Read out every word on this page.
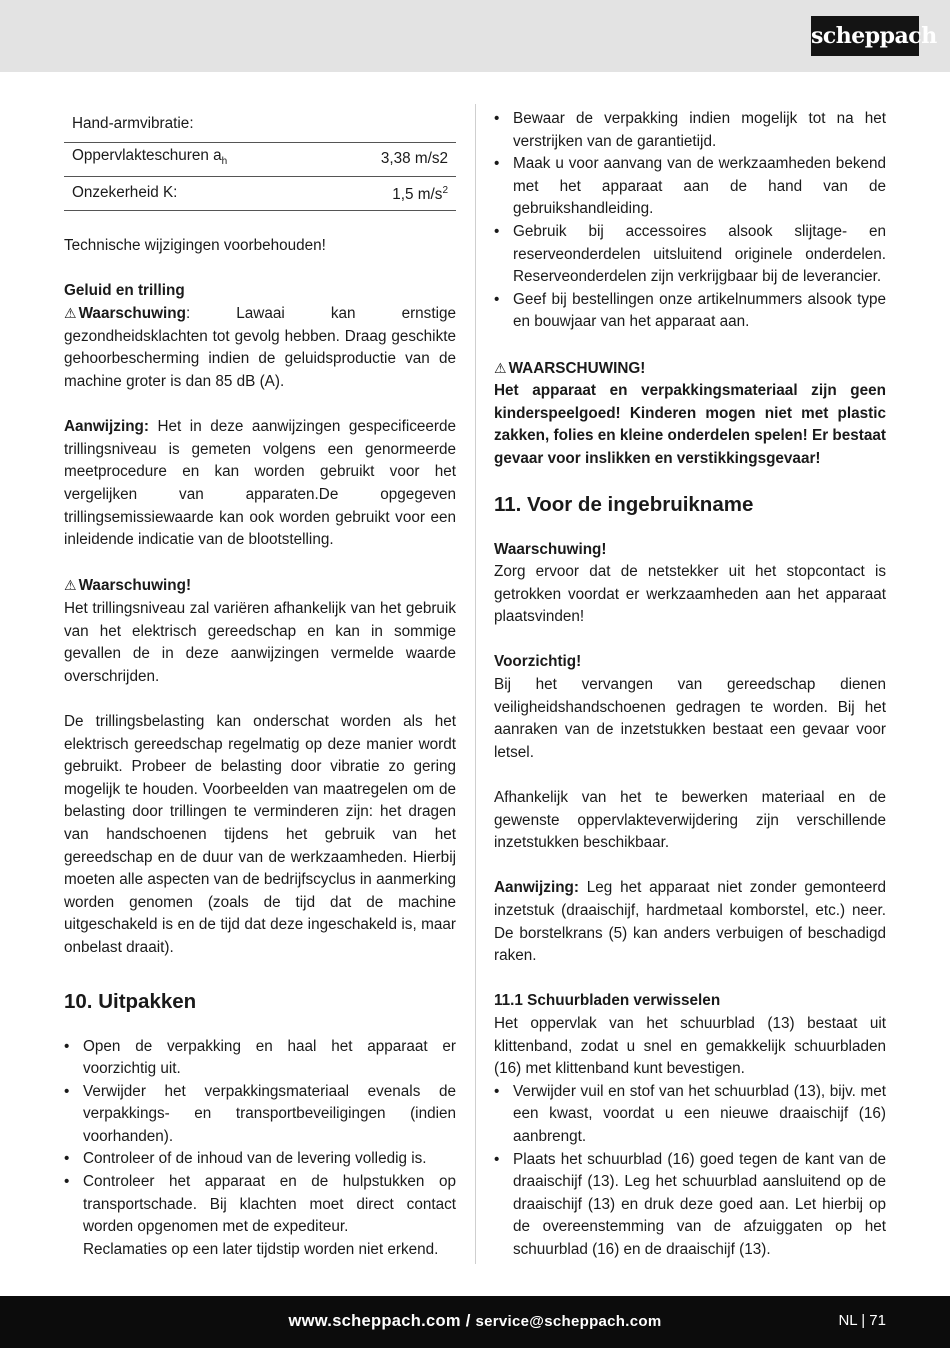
scheppach
Hand-armvibratie:	
Oppervlakteschuren $a_h$	3,38 m/s2
Onzekerheid K:	1,5 $m/s^2$

Technische wijzigingen voorbehouden!

Geluid en trilling

⚠ Waarschuwing: Lawaai kan ernstige gezondheidsklachten tot gevolg hebben. Draag geschikte gehoorbescherming indien de geluidsproductie van de machine groter is dan 85 dB (A).

Aanwijzing: Het in deze aanwijzingen gespecificeerde trillingsniveau is gemeten volgens een genormeerde meetprocedure en kan worden gebruikt voor het vergelijken van apparaten.De opgegeven trillingsemissiewaarde kan ook worden gebruikt voor een inleidende indicatie van de blootstelling.

⚠ Waarschuwing!

Het trillingsniveau zal variëren afhankelijk van het gebruik van het elektrisch gereedschap en kan in sommige gevallen de in deze aanwijzingen vermelde waarde overschrijden.

De trillingsbelasting kan onderschat worden als het elektrisch gereedschap regelmatig op deze manier wordt gebruikt. Probeer de belasting door vibratie zo gering mogelijk te houden. Voorbeelden van maatregelen om de belasting door trillingen te verminderen zijn: het dragen van handschoenen tijdens het gebruik van het gereedschap en de duur van de werkzaamheden. Hierbij moeten alle aspecten van de bedrijfscyclus in aanmerking worden genomen (zoals de tijd dat de machine uitgeschakeld is en de tijd dat deze ingeschakeld is, maar onbelast draait).

10. Uitpakken
• Open de verpakking en haal het apparaat er voorzichtig uit.
• Verwijder het verpakkingsmateriaal evenals de verpakkings- en transportbeveiligingen (indien voorhanden).
• Controleer of de inhoud van de levering volledig is.
• Controleer het apparaat en de hulpstukken op transportschade. Bij klachten moet direct contact worden opgenomen met de expediteur.

Reclamaties op een later tijdstip worden niet erkend.

• Bewaar de verpakking indien mogelijk tot na het verstrijken van de garantietijd.
• Maak u voor aanvang van de werkzaamheden bekend met het apparaat aan de hand van de gebruikshandleiding.
• Gebruik bij accessoires alsook slijtage- en reserveonderdelen uitsluitend originele onderdelen. Reserveonderdelen zijn verkrijgbaar bij de leverancier.
• Geef bij bestellingen onze artikelnummers alsook type en bouwjaar van het apparaat aan.

⚠ WAARSCHUWING!

Het apparaat en verpakkingsmateriaal zijn geen kinderspeelgoed! Kinderen mogen niet met plastic zakken, folies en kleine onderdelen spelen! Er bestaat gevaar voor inslikken en verstikkingsgevaar!

11. Voor de ingebruikname

Waarschuwing!

Zorg ervoor dat de netstekker uit het stopcontact is getrokken voordat er werkzaamheden aan het apparaat plaatsvinden!

Voorzichtig!

Bij het vervangen van gereedschap dienen veiligheidshandschoenen gedragen te worden. Bij het aanraken van de inzetstukken bestaat een gevaar voor letsel.

Afhankelijk van het te bewerken materiaal en de gewenste oppervlakteverwijdering zijn verschillende inzetstukken beschikbaar.

Aanwijzing: Leg het apparaat niet zonder gemonteerd inzetstuk (draaischijf, hardmetaal komborstel, etc.) neer. De borstelkrans (5) kan anders verbuigen of beschadigd raken.

11.1 Schuurbladen verwisselen

Het oppervlak van het schuurblad (13) bestaat uit klittenband, zodat u snel en gemakkelijk schuurbladen (16) met klittenband kunt bevestigen.

• Verwijder vuil en stof van het schuurblad (13), bijv. met een kwast, voordat u een nieuwe draaischijf (16) aanbrengt.
• Plaats het schuurblad (16) goed tegen de kant van de draaischijf (13). Leg het schuurblad aansluitend op de draaischijf (13) en druk deze goed aan. Let hierbij op de overeenstemming van de afzuiggaten op het schuurblad (16) en de draaischijf (13).
www.scheppach.com / service@scheppach.com	NL | 71
